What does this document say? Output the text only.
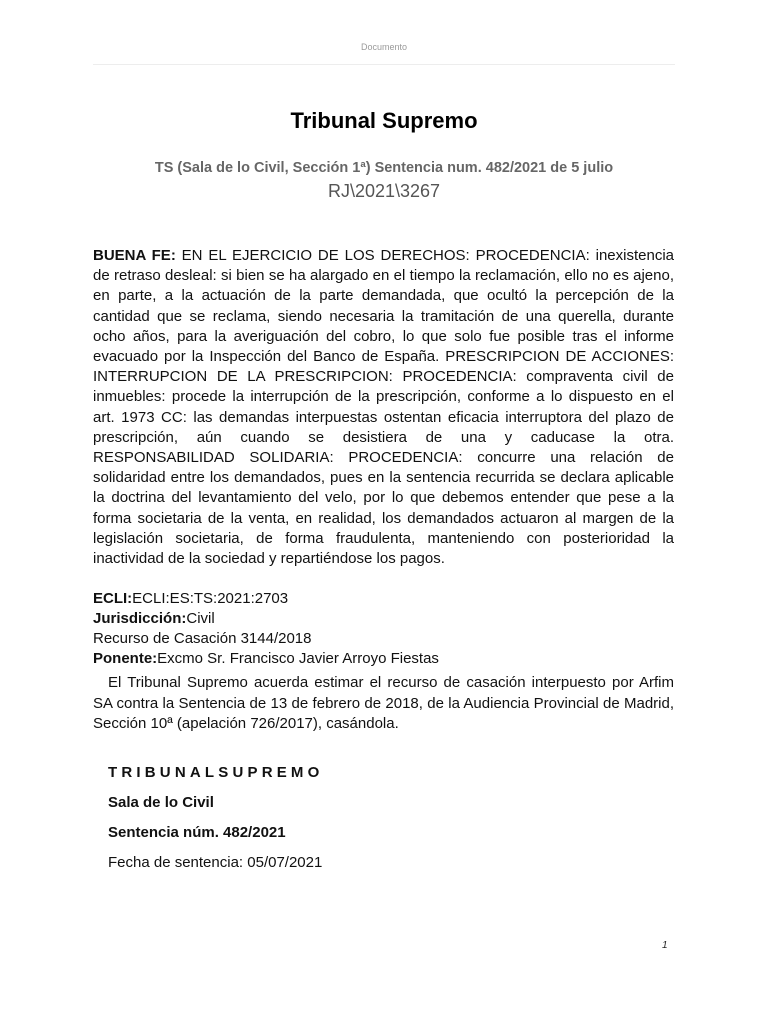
Documento
Tribunal Supremo
TS (Sala de lo Civil, Sección 1ª) Sentencia num. 482/2021 de 5 julio
RJ\2021\3267

BUENA FE: EN EL EJERCICIO DE LOS DERECHOS: PROCEDENCIA: inexistencia de retraso desleal: si bien se ha alargado en el tiempo la reclamación, ello no es ajeno, en parte, a la actuación de la parte demandada, que ocultó la percepción de la cantidad que se reclama, siendo necesaria la tramitación de una querella, durante ocho años, para la averiguación del cobro, lo que solo fue posible tras el informe evacuado por la Inspección del Banco de España. PRESCRIPCION DE ACCIONES: INTERRUPCION DE LA PRESCRIPCION: PROCEDENCIA: compraventa civil de inmuebles: procede la interrupción de la prescripción, conforme a lo dispuesto en el art. 1973 CC: las demandas interpuestas ostentan eficacia interruptora del plazo de prescripción, aún cuando se desistiera de una y caducase la otra. RESPONSABILIDAD SOLIDARIA: PROCEDENCIA: concurre una relación de solidaridad entre los demandados, pues en la sentencia recurrida se declara aplicable la doctrina del levantamiento del velo, por lo que debemos entender que pese a la forma societaria de la venta, en realidad, los demandados actuaron al margen de la legislación societaria, de forma fraudulenta, manteniendo con posterioridad la inactividad de la sociedad y repartiéndose los pagos.

ECLI:ECLI:ES:TS:2021:2703
Jurisdicción:Civil
Recurso de Casación 3144/2018
Ponente:Excmo Sr. Francisco Javier Arroyo Fiestas

El Tribunal Supremo acuerda estimar el recurso de casación interpuesto por Arfim SA contra la Sentencia de 13 de febrero de 2018, de la Audiencia Provincial de Madrid, Sección 10ª (apelación 726/2017), casándola.

TRIBUNALSUPREMO
Sala de lo Civil
Sentencia núm. 482/2021
Fecha de sentencia: 05/07/2021
1
